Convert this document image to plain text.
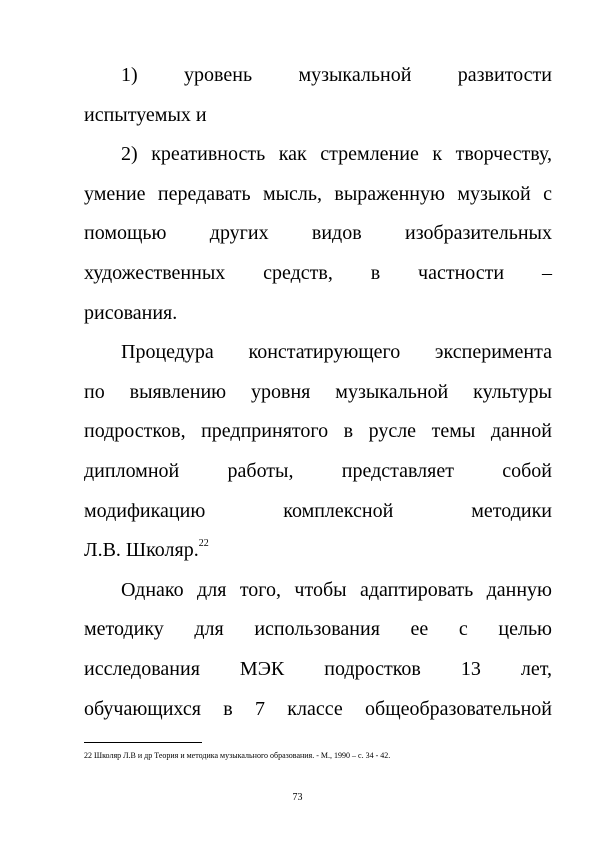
1) уровень музыкальной развитости
испытуемых и

2) креативность как стремление к творчеству,
умение передавать мысль, выраженную музыкой с
помощью других видов изобразительных
художественных средств, в частности –
рисования.

Процедура констатирующего эксперимента
по выявлению уровня музыкальной культуры
подростков, предпринятого в русле темы данной
дипломной работы, представляет собой
модификацию комплексной методики
Л.В. Школяр.$^{22}$

Однако для того, чтобы адаптировать данную
методику для использования ее с целью
исследования МЭК подростков 13 лет,
обучающихся в 7 классе общеобразовательной

22 Школяр Л.В и др Теория и методика музыкального образования. - М., 1990 – с. 34 - 42.
73
